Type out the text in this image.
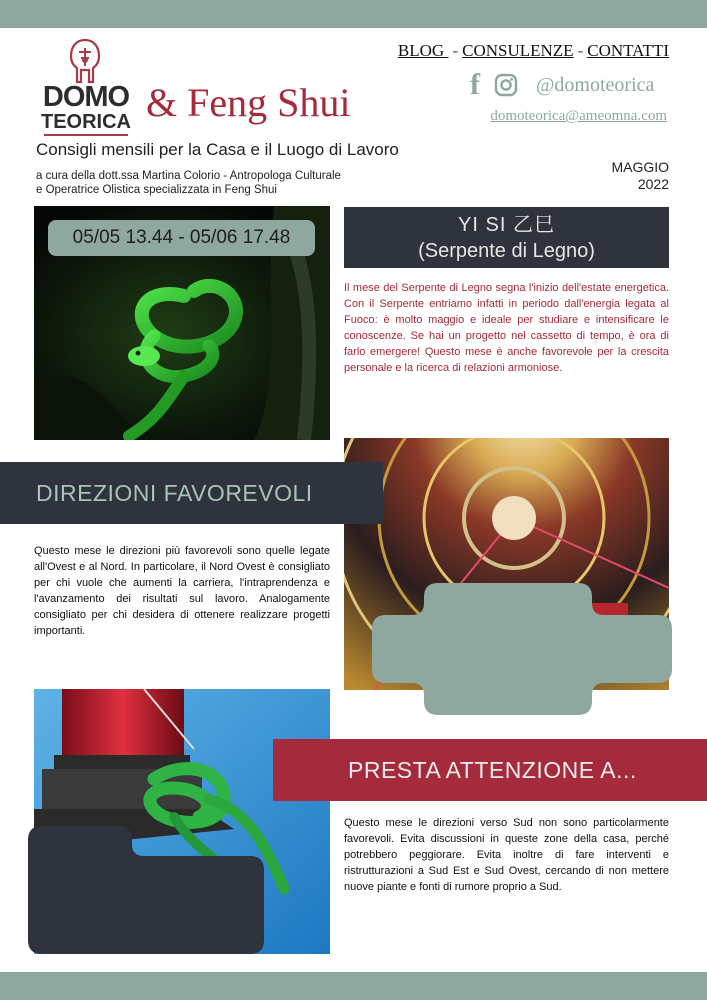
DOMO
TEORICA & Feng Shui
Consigli mensili per la Casa e il Luogo di Lavoro
a cura della dott.ssa Martina Colorio - Antropologa Culturale
e Operatrice Olistica specializzata in Feng Shui
BLOG - CONSULENZE - CONTATTI
f	@domoteorica
domoteorica@ameomna.com
MAGGIO
2022
05/05 13.44 - 05/06 17.48
YI SI 乙巳
(Serpente di Legno)
Il mese del Serpente di Legno segna l'inizio dell'estate energetica. Con il Serpente entriamo infatti in periodo dall'energia legata al Fuoco: è molto maggio e ideale per studiare e intensificare le conoscenze. Se hai un progetto nel cassetto di tempo, è ora di farlo emergere! Questo mese è anche favorevole per la crescita personale e la ricerca di relazioni armoniose.
DIREZIONI FAVOREVOLI
Questo mese le direzioni più favorevoli sono quelle legate all'Ovest e al Nord. In particolare, il Nord Ovest è consigliato per chi vuole che aumenti la carriera, l'intraprendenza e l'avanzamento dei risultati sul lavoro. Analogamente consigliato per chi desidera di ottenere realizzare progetti importanti.
PRESTA ATTENZIONE A...
Questo mese le direzioni verso Sud non sono particolarmente favorevoli. Evita discussioni in queste zone della casa, perché potrebbero peggiorare. Evita inoltre di fare interventi e ristrutturazioni a Sud Est e Sud Ovest, cercando di non mettere nuove piante e fonti di rumore proprio a Sud.
